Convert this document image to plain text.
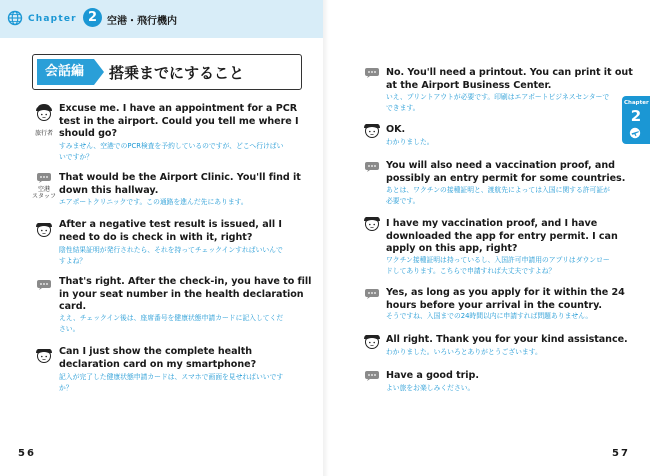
Chapter 2 空港・飛行機内
会話編	搭乗までにすること
旅行者
Excuse me. I have an appointment for a PCR
test in the airport. Could you tell me where I
should go?
すみません、空港でのPCR検査を予約しているのですが、どこへ行けばい
いですか？
空港
スタッフ
That would be the Airport Clinic. You'll find it
down this hallway.
エアポートクリニックです。この通路を進んだ先にあります。
After a negative test result is issued, all I
need to do is check in with it, right?
陰性結果証明が発行されたら、それを持ってチェックインすればいいんで
すよね？
That's right. After the check-in, you have to fill
in your seat number in the health declaration
card.
ええ、チェックイン後は、座席番号を健康状態申請カードに記入してくだ
さい。
Can I just show the complete health
declaration card on my smartphone?
記入が完了した健康状態申請カードは、スマホで画面を見せればいいです
か？
No. You'll need a printout. You can print it out
at the Airport Business Center.
いえ、プリントアウトが必要です。印刷はエアポートビジネスセンターで
できます。
OK.
わかりました。
You will also need a vaccination proof, and
possibly an entry permit for some countries.
あとは、ワクチンの接種証明と、渡航先によっては入国に関する許可証が
必要です。
I have my vaccination proof, and I have
downloaded the app for entry permit. I can
apply on this app, right?
ワクチン接種証明は持っているし、入国許可申請用のアプリはダウンロー
ドしてあります。こちらで申請すれば大丈夫ですよね？
Yes, as long as you apply for it within the 24
hours before your arrival in the country.
そうですね、入国までの24時間以内に申請すれば問題ありません。
All right. Thank you for your kind assistance.
わかりました。いろいろとありがとうございます。
Have a good trip.
よい旅をお楽しみください。
Chapter
2
56	57
